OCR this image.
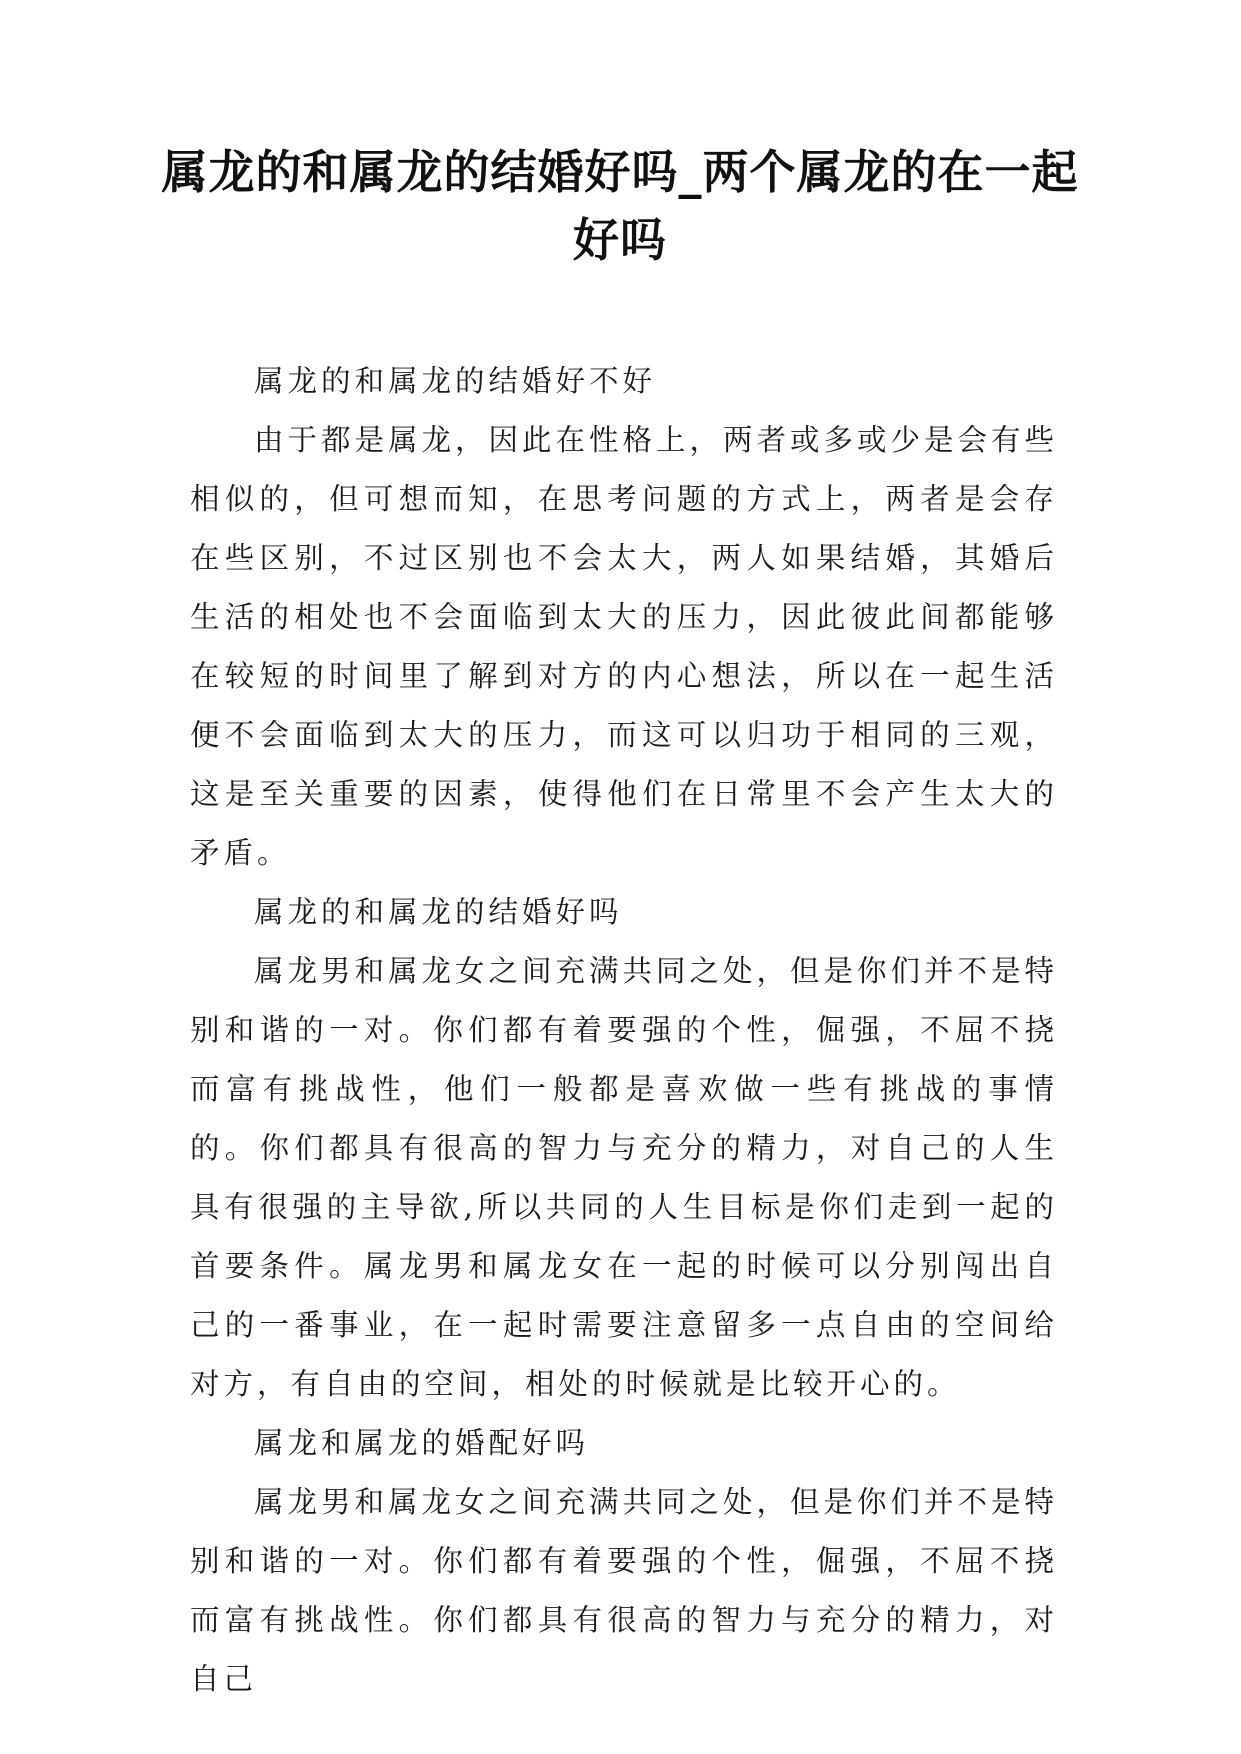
属龙的和属龙的结婚好吗_两个属龙的在一起好吗

属龙的和属龙的结婚好不好

由于都是属龙，因此在性格上，两者或多或少是会有些相似的，但可想而知，在思考问题的方式上，两者是会存在些区别，不过区别也不会太大，两人如果结婚，其婚后生活的相处也不会面临到太大的压力，因此彼此间都能够在较短的时间里了解到对方的内心想法，所以在一起生活便不会面临到太大的压力，而这可以归功于相同的三观，这是至关重要的因素，使得他们在日常里不会产生太大的矛盾。

属龙的和属龙的结婚好吗

属龙男和属龙女之间充满共同之处，但是你们并不是特别和谐的一对。你们都有着要强的个性，倔强，不屈不挠而富有挑战性，他们一般都是喜欢做一些有挑战的事情的。你们都具有很高的智力与充分的精力，对自己的人生具有很强的主导欲,所以共同的人生目标是你们走到一起的首要条件。属龙男和属龙女在一起的时候可以分别闯出自己的一番事业，在一起时需要注意留多一点自由的空间给对方，有自由的空间，相处的时候就是比较开心的。

属龙和属龙的婚配好吗

属龙男和属龙女之间充满共同之处，但是你们并不是特别和谐的一对。你们都有着要强的个性，倔强，不屈不挠而富有挑战性。你们都具有很高的智力与充分的精力，对自己
